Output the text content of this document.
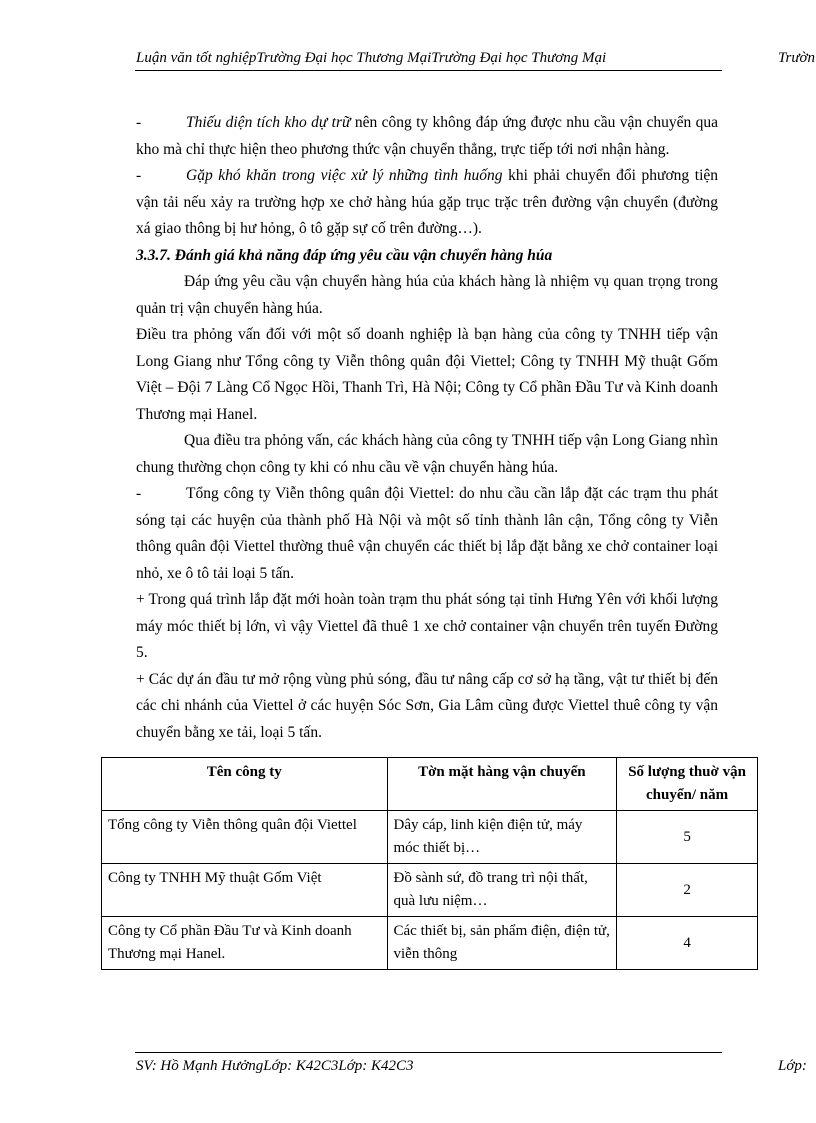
Luận văn tốt nghiệpTrường Đại học Thương MạiTrường Đại học Thương Mại	Trườn

-	Thiếu diện tích kho dự trữ nên công ty không đáp ứng được nhu cầu vận chuyển qua kho mà chỉ thực hiện theo phương thức vận chuyển thẳng, trực tiếp tới nơi nhận hàng.

-	Gặp khó khăn trong việc xử lý những tình huống khi phải chuyển đổi phương tiện vận tải nếu xảy ra trường hợp xe chở hàng húa gặp trục trặc trên đường vận chuyển (đường xá giao thông bị hư hỏng, ô tô gặp sự cố trên đường…).

3.3.7. Đánh giá khả năng đáp ứng yêu cầu vận chuyển hàng húa

Đáp ứng yêu cầu vận chuyển hàng húa của khách hàng là nhiệm vụ quan trọng trong quản trị vận chuyển hàng húa.

Điều tra phỏng vấn đối với một số doanh nghiệp là bạn hàng của công ty TNHH tiếp vận Long Giang như Tổng công ty Viễn thông quân đội Viettel; Công ty TNHH Mỹ thuật Gốm Việt – Đội 7 Làng Cổ Ngọc Hồi, Thanh Trì, Hà Nội; Công ty Cổ phần Đầu Tư và Kinh doanh Thương mại Hanel.

Qua điều tra phỏng vấn, các khách hàng của công ty TNHH tiếp vận Long Giang nhìn chung thường chọn công ty khi có nhu cầu về vận chuyển hàng húa.

-	Tổng công ty Viễn thông quân đội Viettel: do nhu cầu cần lắp đặt các trạm thu phát sóng tại các huyện của thành phố Hà Nội và một số tỉnh thành lân cận, Tổng công ty Viễn thông quân đội Viettel thường thuê vận chuyển các thiết bị lắp đặt bằng xe chở container loại nhỏ, xe ô tô tải loại 5 tấn.

+ Trong quá trình lắp đặt mới hoàn toàn trạm thu phát sóng tại tỉnh Hưng Yên với khối lượng máy móc thiết bị lớn, vì vậy Viettel đã thuê 1 xe chở container vận chuyển trên tuyến Đường 5.

+ Các dự án đầu tư mở rộng vùng phủ sóng, đầu tư nâng cấp cơ sở hạ tầng, vật tư thiết bị đến các chi nhánh của Viettel ở các huyện Sóc Sơn, Gia Lâm cũng được Viettel thuê công ty vận chuyển bằng xe tải, loại 5 tấn.

Tên công ty	Tờn mặt hàng vận chuyển	Số lượng thuờ vận chuyển/ năm
Tổng công ty Viễn thông quân đội Viettel	Dây cáp, linh kiện điện tử, máy móc thiết bị…	5
Công ty TNHH Mỹ thuật Gốm Việt	Đồ sành sứ, đồ trang trì nội thất, quà lưu niệm…	2
Công ty Cổ phần Đầu Tư và Kinh doanh Thương mại Hanel.	Các thiết bị, sản phẩm điện, điện tử, viễn thông	4
SV: Hồ Mạnh HưởngLớp: K42C3Lớp: K42C3	Lớp:
